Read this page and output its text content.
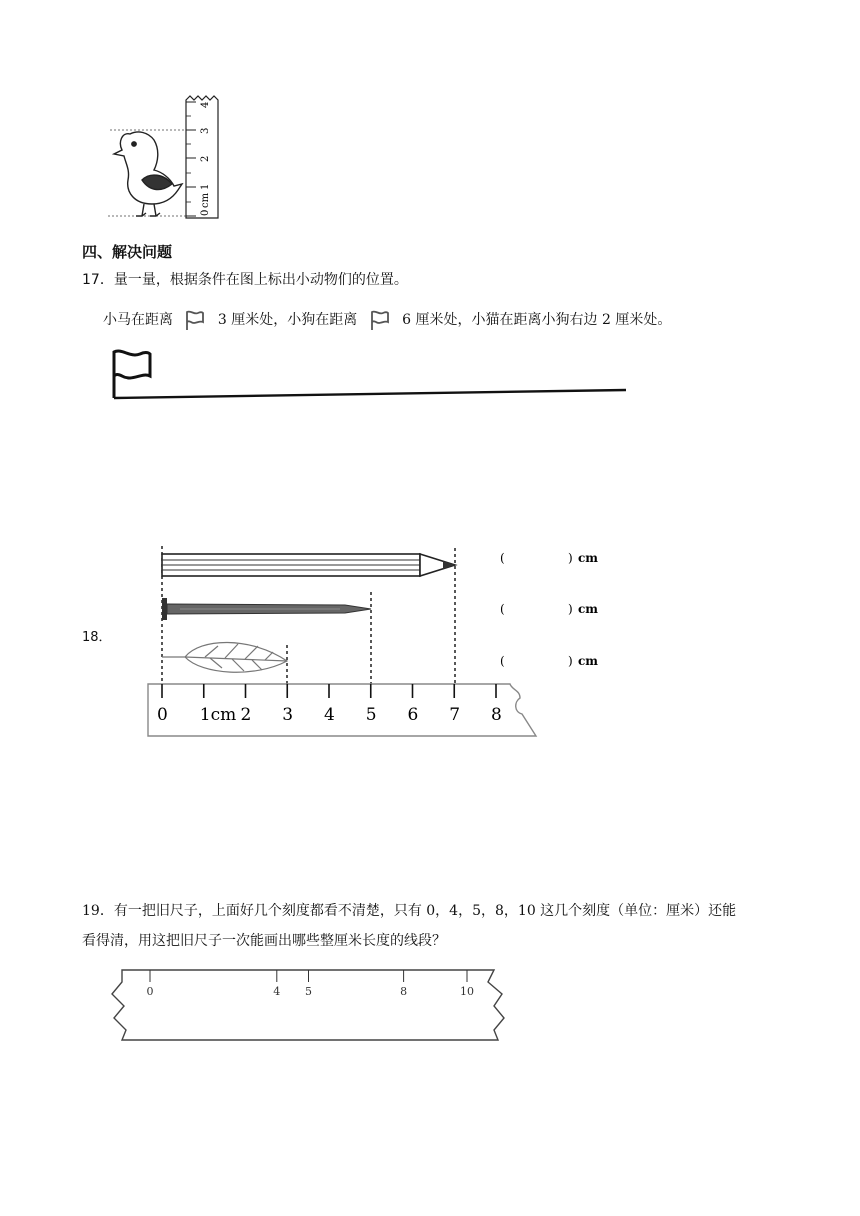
0
cm
1
2
3
4
四、解决问题
17．量一量，根据条件在图上标出小动物们的位置。
小马在距离	3 厘米处，小狗在距离	6 厘米处，小猫在距离小狗右边 2 厘米处。
18．
(	) cm
(	) cm
(	) cm
0 1cm 2 3 4 5 6 7 8
19．有一把旧尺子，上面好几个刻度都看不清楚，只有 0，4，5，8，10 这几个刻度（单位：厘米）还能
看得清，用这把旧尺子一次能画出哪些整厘米长度的线段？
0	4 5	8	10
